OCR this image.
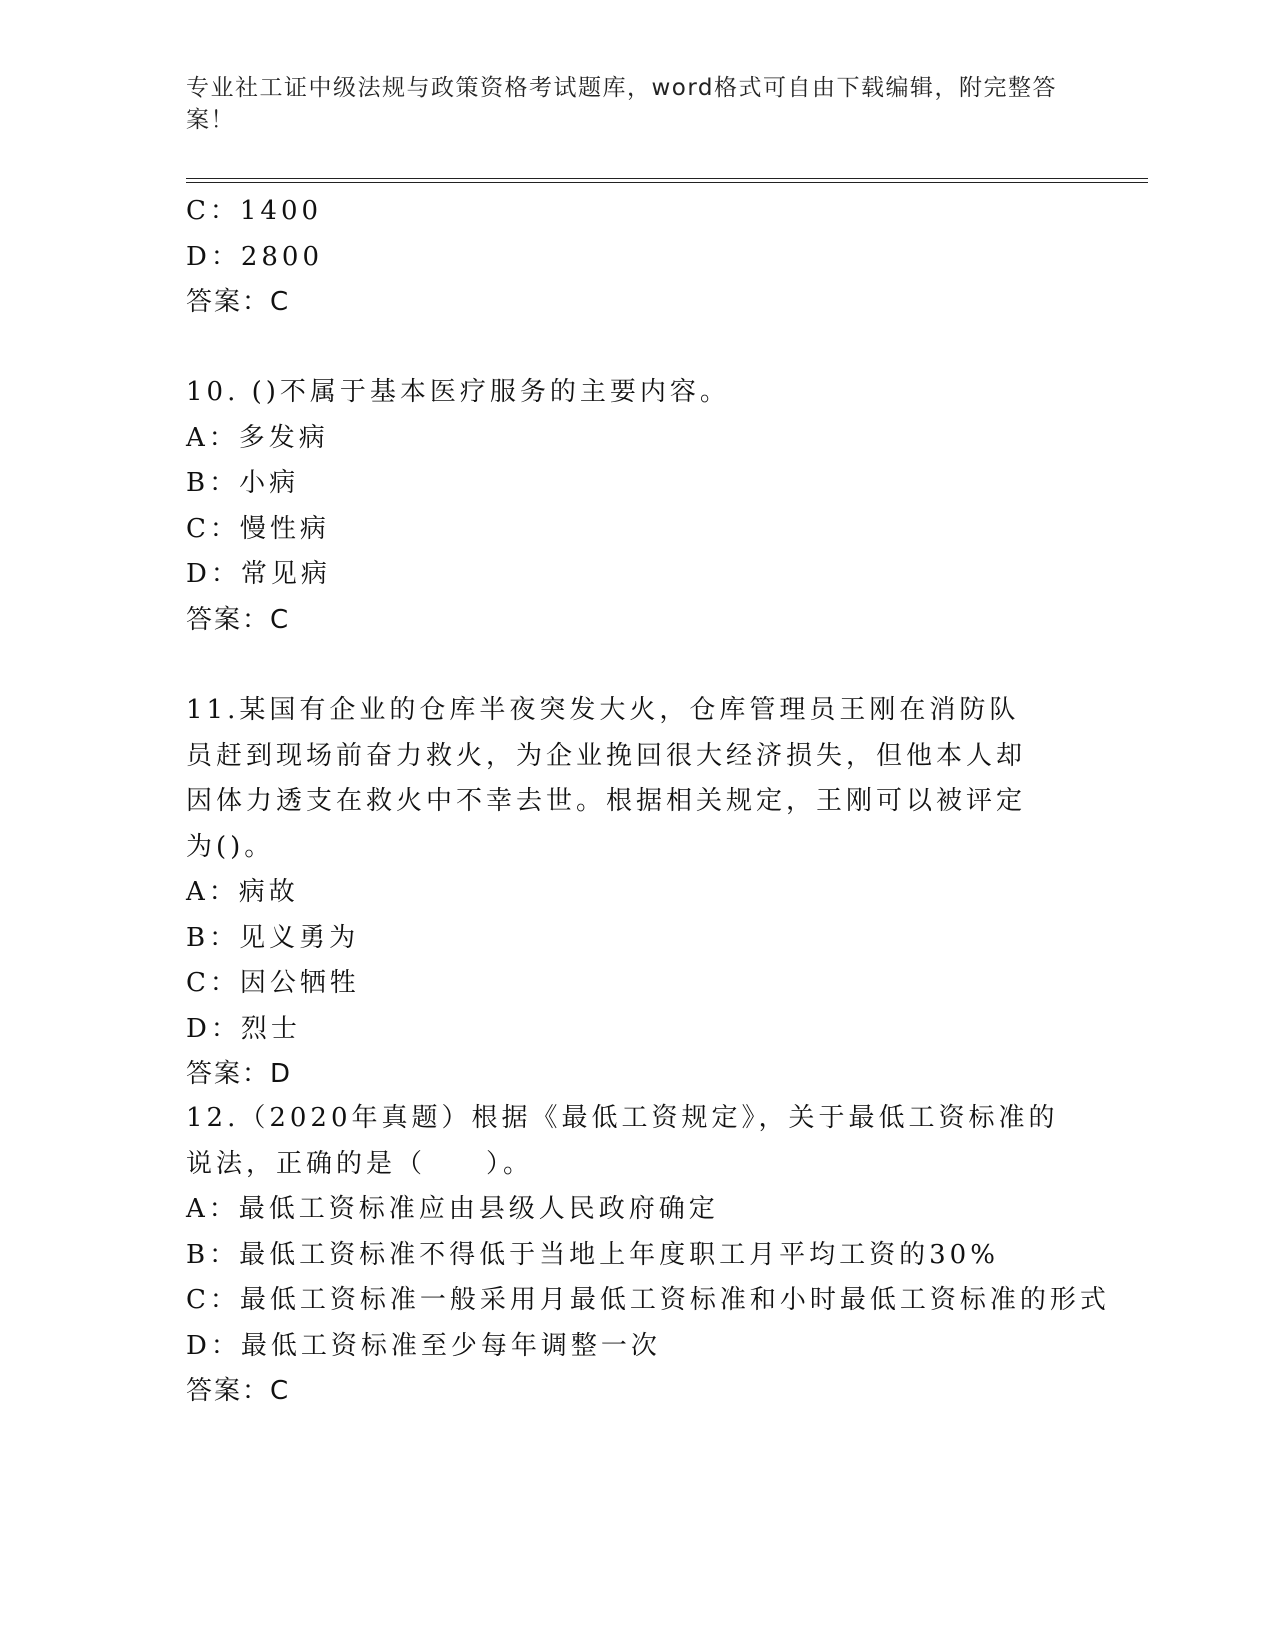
专业社工证中级法规与政策资格考试题库，word格式可自由下载编辑，附完整答案！
C：1400
D：2800
答案：C
10. ()不属于基本医疗服务的主要内容。
A：多发病
B：小病
C：慢性病
D：常见病
答案：C
11.某国有企业的仓库半夜突发大火，仓库管理员王刚在消防队员赶到现场前奋力救火，为企业挽回很大经济损失，但他本人却因体力透支在救火中不幸去世。根据相关规定，王刚可以被评定为()。
A：病故
B：见义勇为
C：因公牺牲
D：烈士
答案：D
12.（2020年真题）根据《最低工资规定》，关于最低工资标准的说法，正确的是（　　）。
A：最低工资标准应由县级人民政府确定
B：最低工资标准不得低于当地上年度职工月平均工资的30%
C：最低工资标准一般采用月最低工资标准和小时最低工资标准的形式
D：最低工资标准至少每年调整一次
答案：C
